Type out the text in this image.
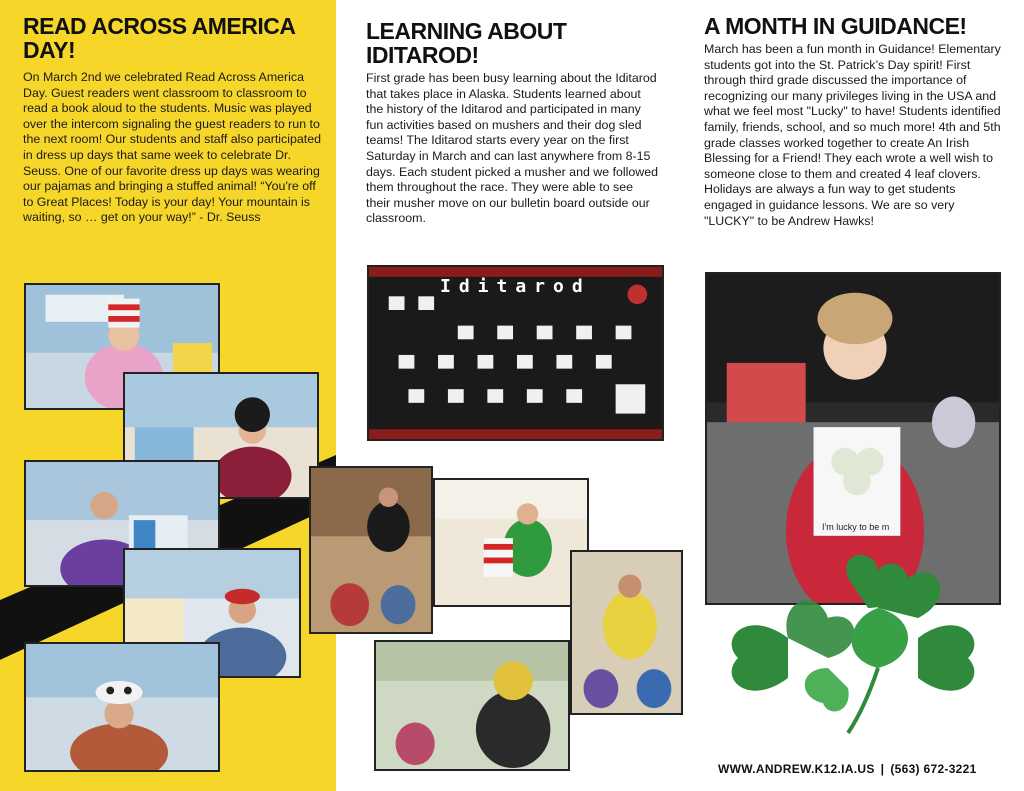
READ ACROSS AMERICA DAY!

On March 2nd we celebrated Read Across America Day. Guest readers went classroom to classroom to read a book aloud to the students. Music was played over the intercom signaling the guest readers to run to the next room! Our students and staff also participated in dress up days that same week to celebrate Dr. Seuss. One of our favorite dress up days was wearing our pajamas and bringing a stuffed animal! “You're off to Great Places! Today is your day! Your mountain is waiting, so … get on your way!” - Dr. Seuss

LEARNING ABOUT IDITAROD!

First grade has been busy learning about the Iditarod that takes place in Alaska. Students learned about the history of the Iditarod and participated in many fun activities based on mushers and their dog sled teams! The Iditarod starts every year on the first Saturday in March and can last anywhere from 8-15 days. Each student picked a musher and we followed them throughout the race. They were able to see their musher move on our bulletin board outside our classroom.

Iditarod
A MONTH IN GUIDANCE!

March has been a fun month in Guidance! Elementary students got into the St. Patrick’s Day spirit! First through third grade discussed the importance of recognizing our many privileges living in the USA and what we feel most "Lucky" to have! Students identified family, friends, school, and so much more! 4th and 5th grade classes worked together to create An Irish Blessing for a Friend! They each wrote a well wish to someone close to them and created 4 leaf clovers. Holidays are always a fun way to get students engaged in guidance lessons. We are so very "LUCKY" to be Andrew Hawks!

I'm lucky to be m
WWW.ANDREW.K12.IA.US | (563) 672-3221
